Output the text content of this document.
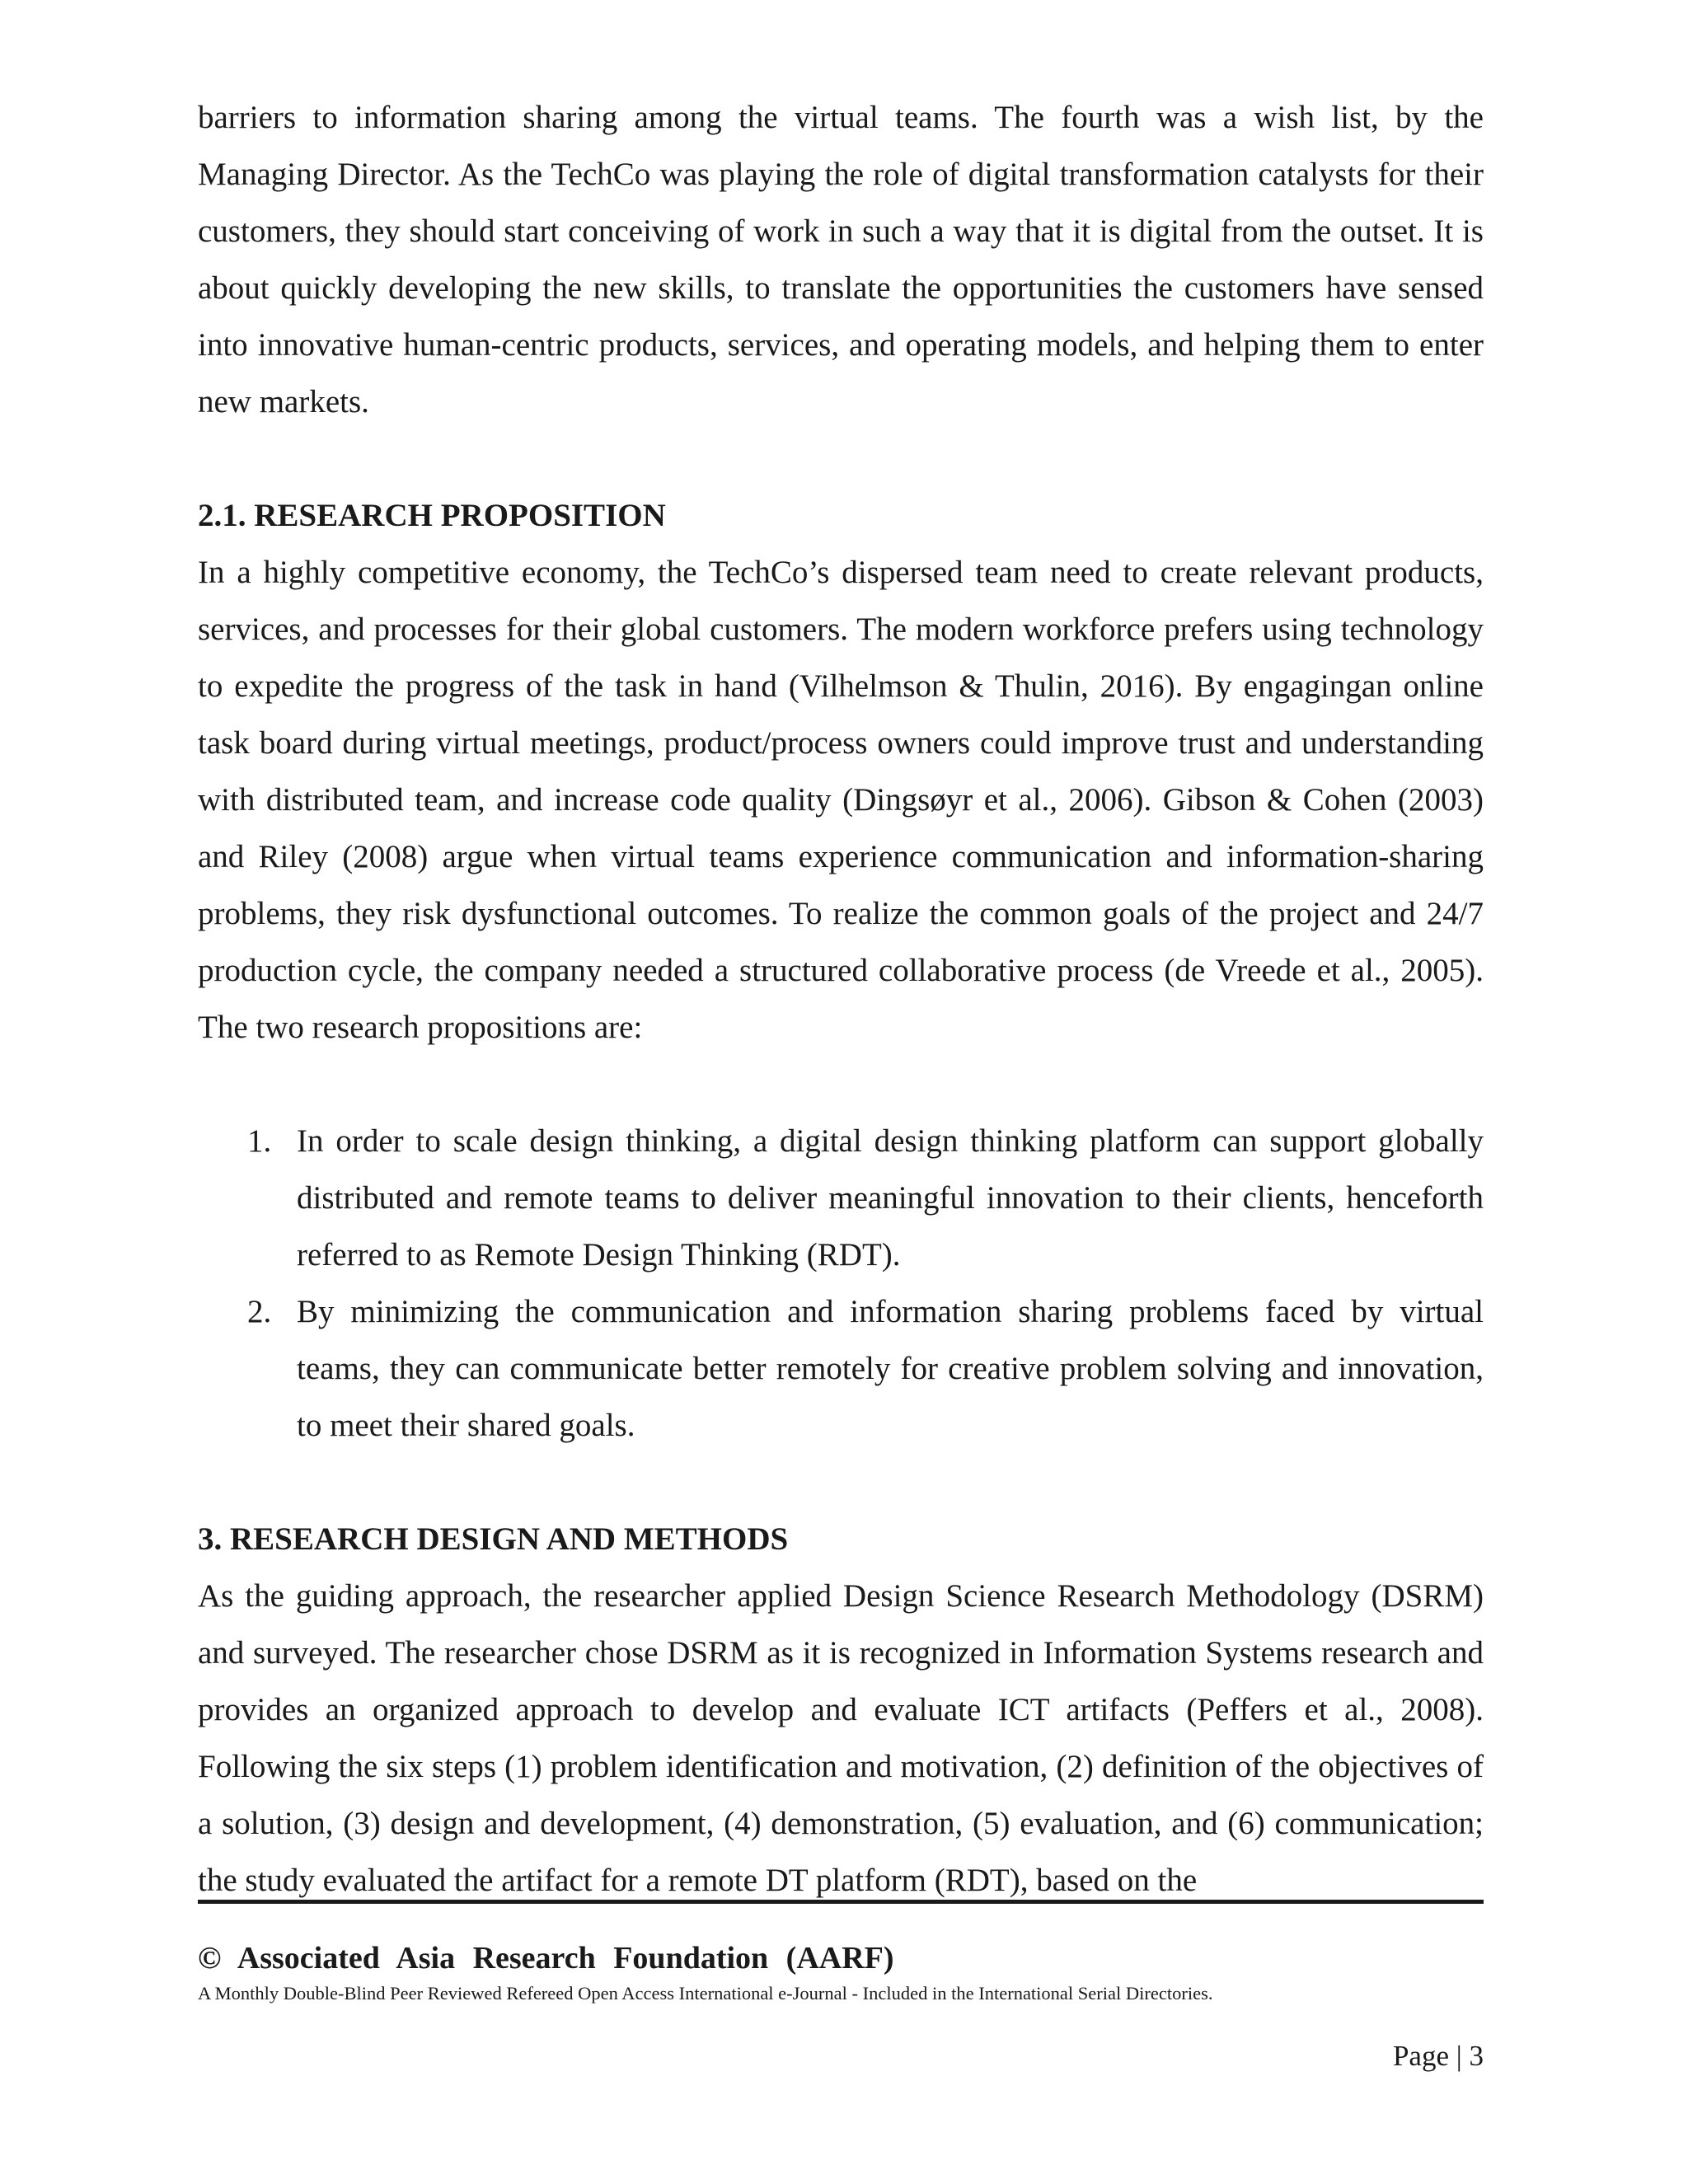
barriers to information sharing among the virtual teams. The fourth was a wish list, by the Managing Director. As the TechCo was playing the role of digital transformation catalysts for their customers, they should start conceiving of work in such a way that it is digital from the outset. It is about quickly developing the new skills, to translate the opportunities the customers have sensed into innovative human-centric products, services, and operating models, and helping them to enter new markets.

2.1. RESEARCH PROPOSITION

In a highly competitive economy, the TechCo’s dispersed team need to create relevant products, services, and processes for their global customers. The modern workforce prefers using technology to expedite the progress of the task in hand (Vilhelmson & Thulin, 2016). By engagingan online task board during virtual meetings, product/process owners could improve trust and understanding with distributed team, and increase code quality (Dingsøyr et al., 2006). Gibson & Cohen (2003) and Riley (2008) argue when virtual teams experience communication and information-sharing problems, they risk dysfunctional outcomes. To realize the common goals of the project and 24/7 production cycle, the company needed a structured collaborative process (de Vreede et al., 2005). The two research propositions are:

1. In order to scale design thinking, a digital design thinking platform can support globally distributed and remote teams to deliver meaningful innovation to their clients, henceforth referred to as Remote Design Thinking (RDT).
2. By minimizing the communication and information sharing problems faced by virtual teams, they can communicate better remotely for creative problem solving and innovation, to meet their shared goals.
3. RESEARCH DESIGN AND METHODS

As the guiding approach, the researcher applied Design Science Research Methodology (DSRM) and surveyed. The researcher chose DSRM as it is recognized in Information Systems research and provides an organized approach to develop and evaluate ICT artifacts (Peffers et al., 2008). Following the six steps (1) problem identification and motivation, (2) definition of the objectives of a solution, (3) design and development, (4) demonstration, (5) evaluation, and (6) communication; the study evaluated the artifact for a remote DT platform (RDT), based on the

© Associated Asia Research Foundation (AARF)
A Monthly Double-Blind Peer Reviewed Refereed Open Access International e-Journal - Included in the International Serial Directories.
Page | 3
